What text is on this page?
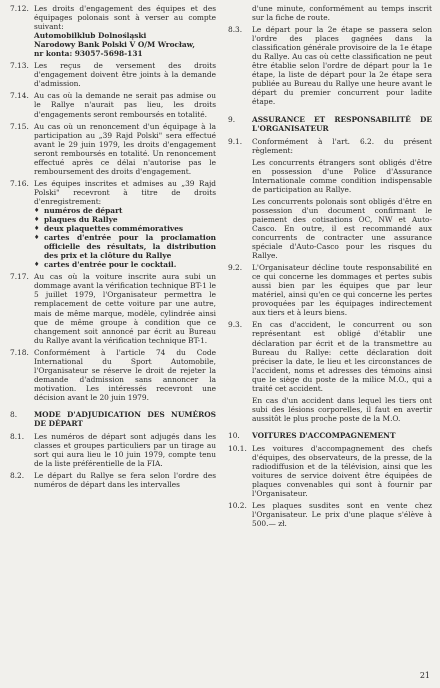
7.12. Les droits d'engagement des équipes et des équipages polonais sont à verser au compte suivant:
Automobilklub Dolnośląski
Narodowy Bank Polski V O/M Wrocław,
nr konta: 93057-5698-131
7.13. Les reçus de versement des droits d'engagement doivent être joints à la demande d'admission.
7.14. Au cas où la demande ne serait pas admise ou le Rallye n'aurait pas lieu, les droits d'engagements seront remboursés en totalité.
7.15. Au cas où un renoncement d'un équipage à la participation au „39 Rajd Polski" sera effectué avant le 29 juin 1979, les droits d'engagement seront remboursés en totalité. Un renoncement effectué après ce délai n'autorise pas le remboursement des droits d'engagement.
7.16. Les équipes inscrites et admises au „39 Rajd Polski" recevront à titre de droits d'enregistrement:
♦ numéros de départ
♦ plaques du Rallye
♦ deux plaquettes commémoratives
♦ cartes d'entrée pour la proclamation officielle des résultats, la distribution des prix et la clôture du Rallye
♦ cartes d'entrée pour le cocktail.
7.17. Au cas où la voiture inscrite aura subi un dommage avant la vérification technique BT-1 le 5 juillet 1979, l'Organisateur permettra le remplacement de cette voiture par une autre, mais de même marque, modèle, cylindrée ainsi que de même groupe à condition que ce changement soit annoncé par écrit au Bureau du Rallye avant la vérification technique BT-1.
7.18. Conformément à l'article 74 du Code International du Sport Automobile, l'Organisateur se réserve le droit de rejeter la demande d'admission sans annoncer la motivation. Les intéressés recevront une décision avant le 20 juin 1979.
8.	MODE D'ADJUDICATION DES NUMÉROS DE DÉPART
8.1.	Les numéros de départ sont adjugés dans les classes et groupes particuliers par un tirage au sort qui aura lieu le 10 juin 1979, compte tenu de la liste préférentielle de la FIA.
8.2.	Le départ du Rallye se fera selon l'ordre des numéros de départ dans les intervalles
d'une minute, conformément au temps inscrit sur la fiche de route.
8.3.	Le départ pour la 2e étape se passera selon l'ordre des places gagnées dans la classification générale provisoire de la 1e étape du Rallye. Au cas où cette classification ne peut être établie selon l'ordre de départ pour la 1e étape, la liste de départ pour la 2e étape sera publiée au Bureau du Rallye une heure avant le départ du premier concurrent pour ladite étape.
9.	ASSURANCE ET RESPONSABILITÉ DE L'ORGANISATEUR
9.1.	Conformément à l'art. 6.2. du présent règlement:
Les concurrents étrangers sont obligés d'être en possession d'une Police d'Assurance Internationale comme condition indispensable de participation au Rallye.
Les concurrents polonais sont obligés d'être en possession d'un document confirmant le paiement des cotisations OC, NW et Auto-Casco. En outre, il est recommandé aux concurrents de contracter une assurance spéciale d'Auto-Casco pour les risques du Rallye.
9.2.	L'Organisateur décline toute responsabilité en ce qui concerne les dommages et pertes subis aussi bien par les équipes que par leur matériel, ainsi qu'en ce qui concerne les pertes provoquées par les équipages indirectement aux tiers et à leurs biens.
9.3.	En cas d'accident, le concurrent ou son représentant est obligé d'établir une déclaration par écrit et de la transmettre au Bureau du Rallye: cette déclaration doit préciser la date, le lieu et les circonstances de l'accident, noms et adresses des témoins ainsi que le siège du poste de la milice M.O., qui a traité cet accident.
En cas d'un accident dans lequel les tiers ont subi des lésions corporelles, il faut en avertir aussitôt le plus proche poste de la M.O.
10.	VOITURES D'ACCOMPAGNEMENT
10.1. Les voitures d'accompagnement des chefs d'équipes, des observateurs, de la presse, de la radiodiffusion et de la télévision, ainsi que les voitures de service doivent être équipées de plaques convenables qui sont à fournir par l'Organisateur.
10.2. Les plaques susdites sont en vente chez l'Organisateur. Le prix d'une plaque s'élève à 500.— zł.
21
